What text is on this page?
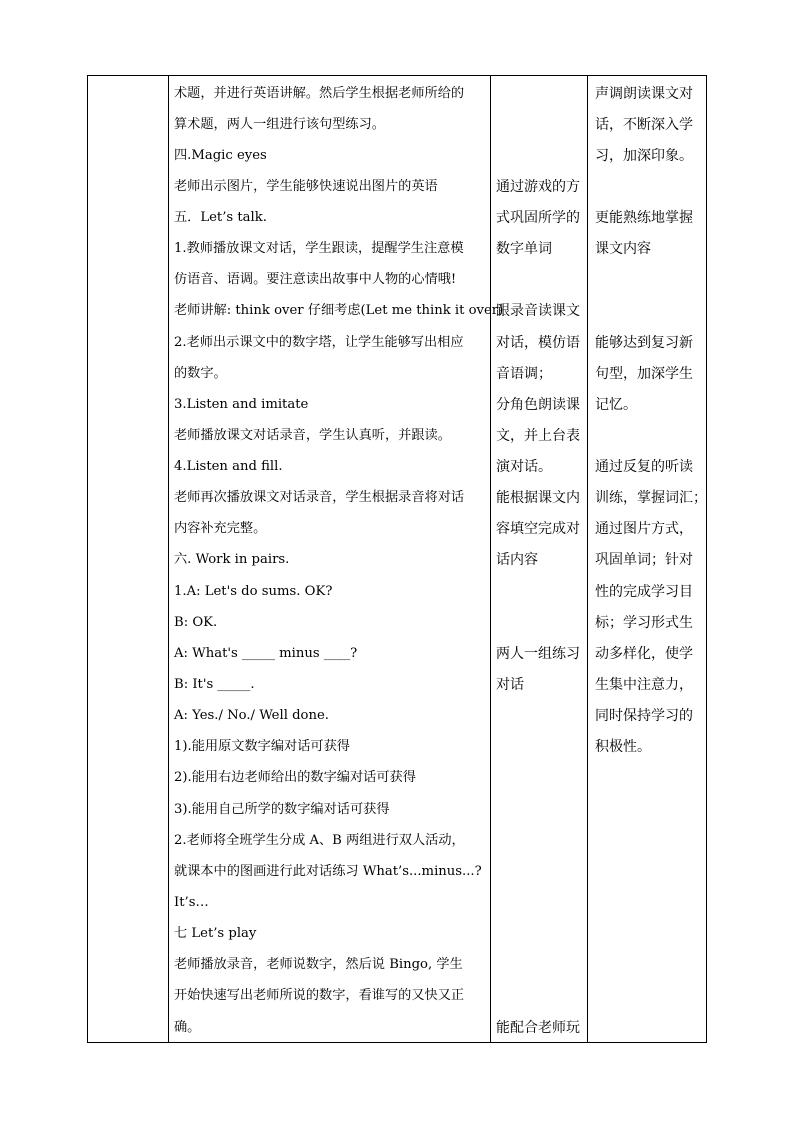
术题，并进行英语讲解。然后学生根据老师所给的
算术题，两人一组进行该句型练习。
四.Magic eyes
老师出示图片，学生能够快速说出图片的英语
五．Let’s talk.
1.教师播放课文对话，学生跟读，提醒学生注意模
仿语音、语调。要注意读出故事中人物的心情哦!
老师讲解: think over 仔细考虑(Let me think it over)
2.老师出示课文中的数字塔，让学生能够写出相应
的数字。
3.Listen and imitate
老师播放课文对话录音，学生认真听，并跟读。
4.Listen and fill.
老师再次播放课文对话录音，学生根据录音将对话
内容补充完整。
六. Work in pairs.
1.A: Let's do sums. OK?
B: OK.
A: What's _____ minus ____?
B: It's _____.
A: Yes./ No./ Well done.
1).能用原文数字编对话可获得
2).能用右边老师给出的数字编对话可获得
3).能用自己所学的数字编对话可获得
2.老师将全班学生分成 A、B 两组进行双人活动，
就课本中的图画进行此对话练习 What’s...minus...?
It’s…
七 Let’s play
老师播放录音，老师说数字，然后说 Bingo, 学生
开始快速写出老师所说的数字，看谁写的又快又正
确。
通过游戏的方
式巩固所学的
数字单词
跟录音读课文
对话，模仿语
音语调；
分角色朗读课
文，并上台表
演对话。
能根据课文内
容填空完成对
话内容
两人一组练习
对话
能配合老师玩
声调朗读课文对
话，不断深入学
习，加深印象。
更能熟练地掌握
课文内容
能够达到复习新
句型，加深学生
记忆。
通过反复的听读
训练，掌握词汇；
通过图片方式，
巩固单词；针对
性的完成学习目
标；学习形式生
动多样化，使学
生集中注意力，
同时保持学习的
积极性。
